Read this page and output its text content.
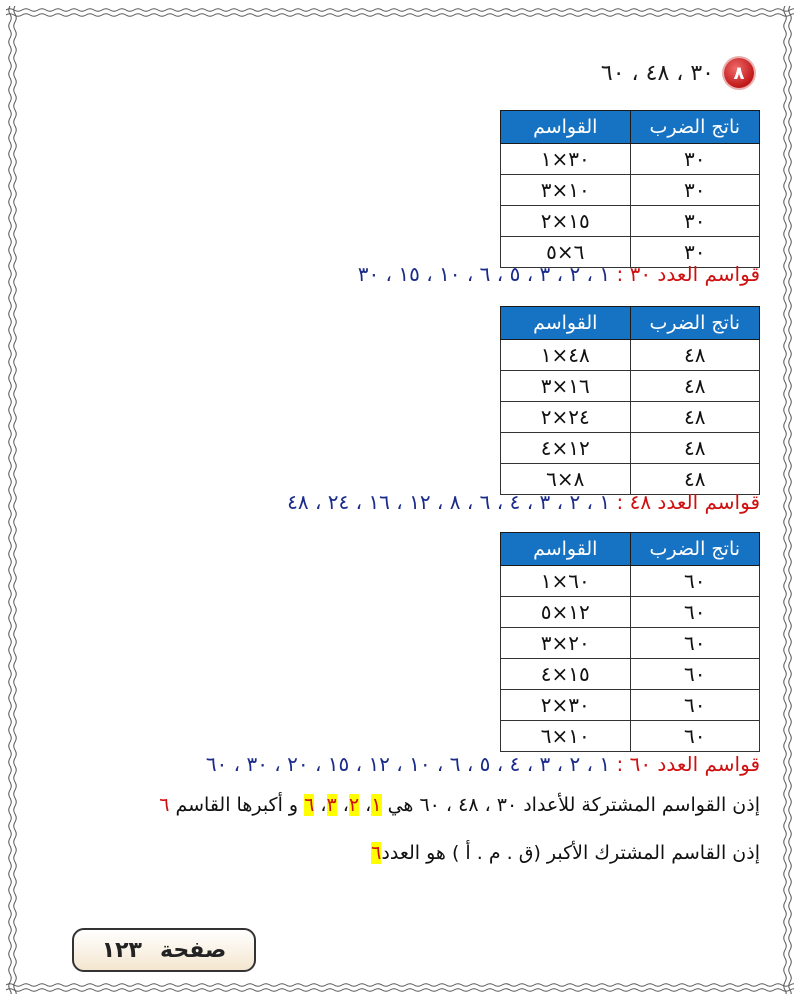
٨
٣٠ ، ٤٨ ، ٦٠
ناتج الضرب	القواسم
٣٠	٣٠×١
٣٠	١٠×٣
٣٠	١٥×٢
٣٠	٦×٥
قواسم العدد ٣٠ : ١ ، ٢ ، ٣ ، ٥ ، ٦ ، ١٠ ، ١٥ ، ٣٠
ناتج الضرب	القواسم
٤٨	٤٨×١
٤٨	١٦×٣
٤٨	٢٤×٢
٤٨	١٢×٤
٤٨	٨×٦
قواسم العدد ٤٨ : ١ ، ٢ ، ٣ ، ٤ ، ٦ ، ٨ ، ١٢ ، ١٦ ، ٢٤ ، ٤٨
ناتج الضرب	القواسم
٦٠	٦٠×١
٦٠	١٢×٥
٦٠	٢٠×٣
٦٠	١٥×٤
٦٠	٣٠×٢
٦٠	١٠×٦
قواسم العدد ٦٠ : ١ ، ٢ ، ٣ ، ٤ ، ٥ ، ٦ ، ١٠ ، ١٢ ، ١٥ ، ٢٠ ، ٣٠ ، ٦٠
إذن القواسم المشتركة للأعداد ٣٠ ، ٤٨ ، ٦٠ هي ١، ٢، ٣، ٦ و أكبرها القاسم ٦
إذن القاسم المشترك الأكبر (ق . م . أ ) هو العدد٦
صفحة
١٢٣
